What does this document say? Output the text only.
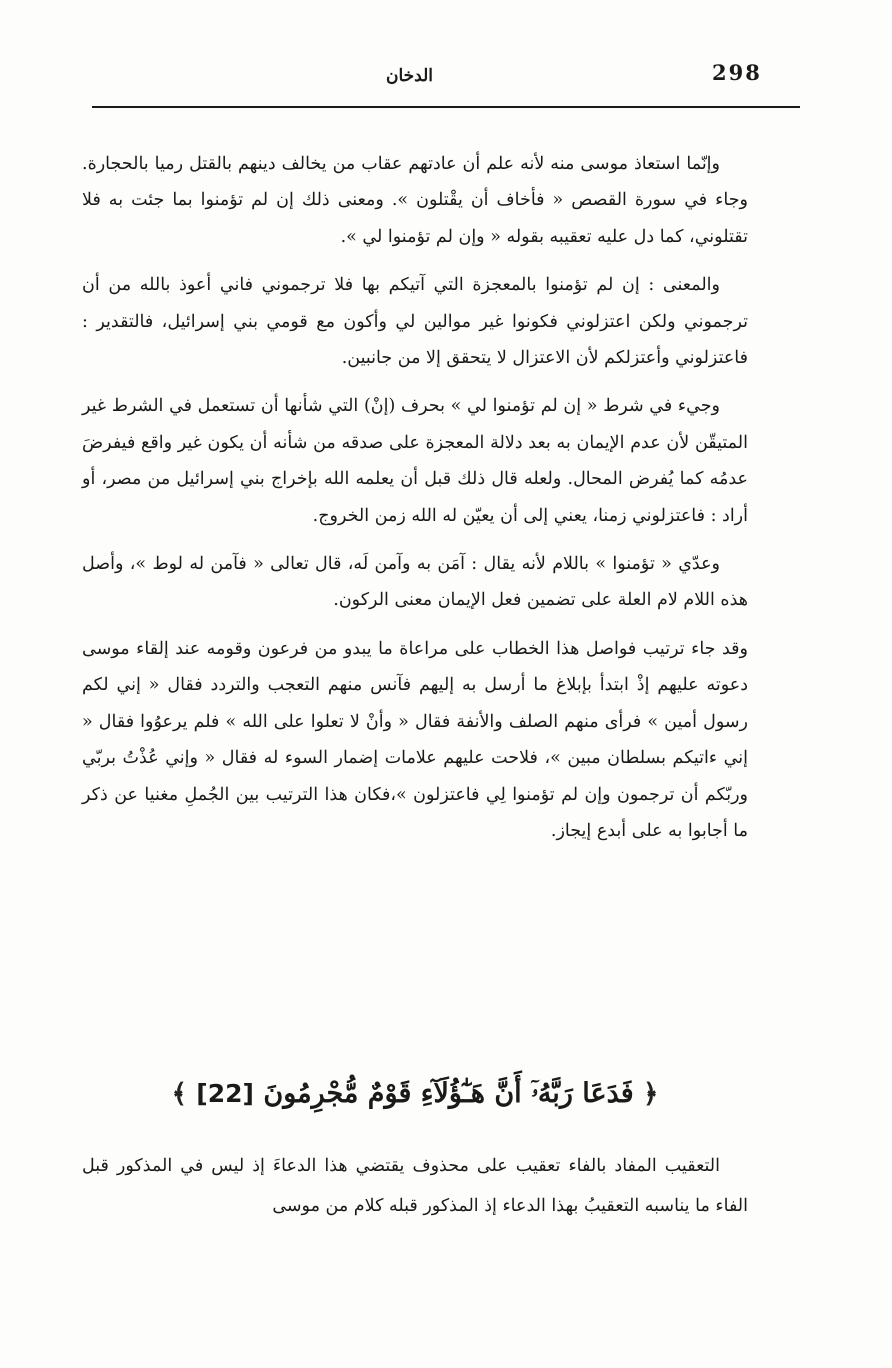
298
الدخان

وإنّما استعاذ موسى منه لأنه علم أن عادتهم عقاب من يخالف دينهم بالقتل رميا بالحجارة. وجاء في سورة القصص « فأخاف أن يقْتلون ». ومعنى ذلك إن لم تؤمنوا بما جئت به فلا تقتلوني، كما دل عليه تعقيبه بقوله « وإن لم تؤمنوا لي ».

والمعنى : إن لم تؤمنوا بالمعجزة التي آتيكم بها فلا ترجموني فاني أعوذ بالله من أن ترجموني ولكن اعتزلوني فكونوا غير موالين لي وأكون مع قومي بني إسرائيل، فالتقدير : فاعتزلوني وأعتزلكم لأن الاعتزال لا يتحقق إلا من جانبين.

وجيء في شرط « إن لم تؤمنوا لي » بحرف (إنْ) التي شأنها أن تستعمل في الشرط غير المتيقّن لأن عدم الإيمان به بعد دلالة المعجزة على صدقه من شأنه أن يكون غير واقع فيفرضَ عدمُه كما يُفرض المحال. ولعله قال ذلك قبل أن يعلمه الله بإخراج بني إسرائيل من مصر، أو أراد : فاعتزلوني زمنا، يعني إلى أن يعيّن له الله زمن الخروج.

وعدّي « تؤمنوا » باللام لأنه يقال : آمَن به وآمن لَه، قال تعالى « فآمن له لوط »، وأصل هذه اللام لام العلة على تضمين فعل الإيمان معنى الركون.

وقد جاء ترتيب فواصل هذا الخطاب على مراعاة ما يبدو من فرعون وقومه عند إلقاء موسى دعوته عليهم إذْ ابتدأ بإبلاغ ما أرسل به إليهم فآنس منهم التعجب والتردد فقال « إني لكم رسول أمين » فرأى منهم الصلف والأنفة فقال « وأنْ لا تعلوا على الله » فلم يرعوُوا فقال « إني ءاتيكم بسلطان مبين »، فلاحت عليهم علامات إضمار السوء له فقال « وإني عُذْتُ بربّي وربّكم أن ترجمون وإن لم تؤمنوا لِي فاعتزلون »،فكان هذا الترتيب بين الجُملِ مغنيا عن ذكر ما أجابوا به على أبدع إيجاز.

﴿ فَدَعَا رَبَّهُۥٓ أَنَّ هَـٰٓؤُلَآءِ قَوْمٌ مُّجْرِمُونَ [22] ﴾

التعقيب المفاد بالفاء تعقيب على محذوف يقتضي هذا الدعاءَ إذ ليس في المذكور قبل الفاء ما يناسبه التعقيبُ بهذا الدعاء إذ المذكور قبله كلام من موسى
